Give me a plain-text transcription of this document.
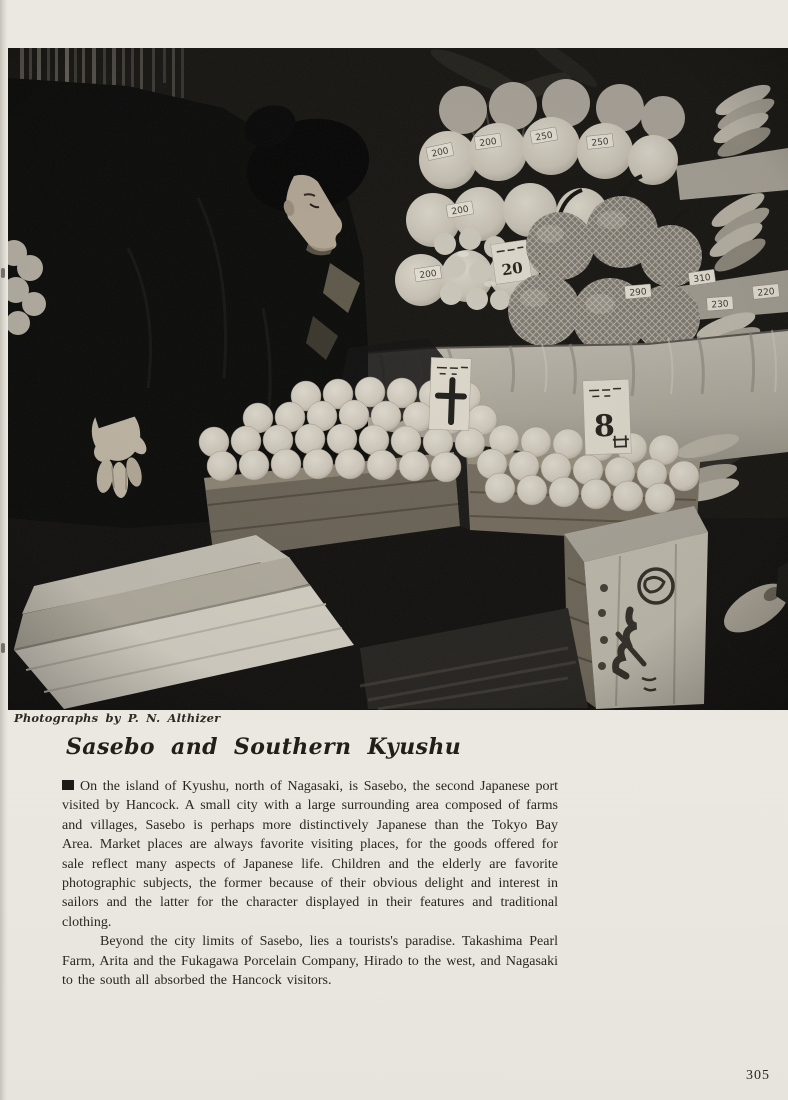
Photographs by P. N. Althizer
Sasebo and Southern Kyushu

On the island of Kyushu, north of Nagasaki, is Sasebo, the second Japanese port visited by Hancock. A small city with a large surrounding area composed of farms and villages, Sasebo is perhaps more distinctively Japanese than the Tokyo Bay Area. Market places are always favorite visiting places, for the goods offered for sale reflect many aspects of Japanese life. Children and the elderly are favorite photographic subjects, the former because of their obvious delight and interest in sailors and the latter for the character displayed in their features and traditional clothing.

Beyond the city limits of Sasebo, lies a tourists's paradise. Takashima Pearl Farm, Arita and the Fukagawa Porcelain Company, Hirado to the west, and Nagasaki to the south all absorbed the Hancock visitors.

305
